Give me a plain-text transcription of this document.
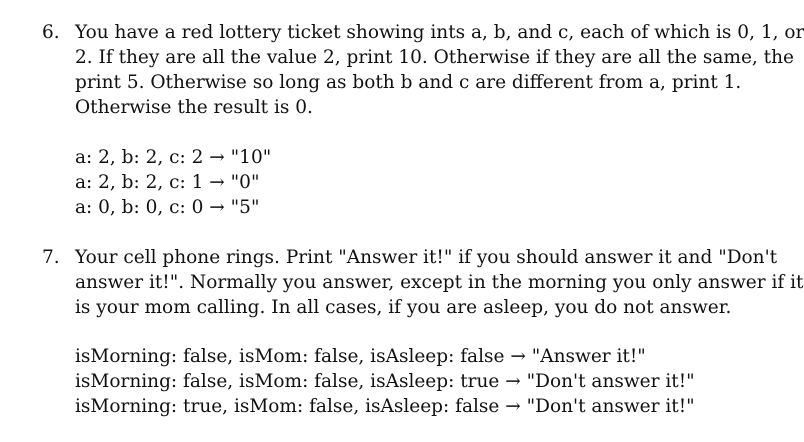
6. You have a red lottery ticket showing ints a, b, and c, each of which is 0, 1, or
2. If they are all the value 2, print 10. Otherwise if they are all the same, the
print 5. Otherwise so long as both b and c are different from a, print 1.
Otherwise the result is 0.
a: 2, b: 2, c: 2 → "10"
a: 2, b: 2, c: 1 → "0"
a: 0, b: 0, c: 0 → "5"
7. Your cell phone rings. Print "Answer it!" if you should answer it and "Don't
answer it!". Normally you answer, except in the morning you only answer if it
is your mom calling. In all cases, if you are asleep, you do not answer.
isMorning: false, isMom: false, isAsleep: false → "Answer it!"
isMorning: false, isMom: false, isAsleep: true → "Don't answer it!"
isMorning: true, isMom: false, isAsleep: false → "Don't answer it!"
